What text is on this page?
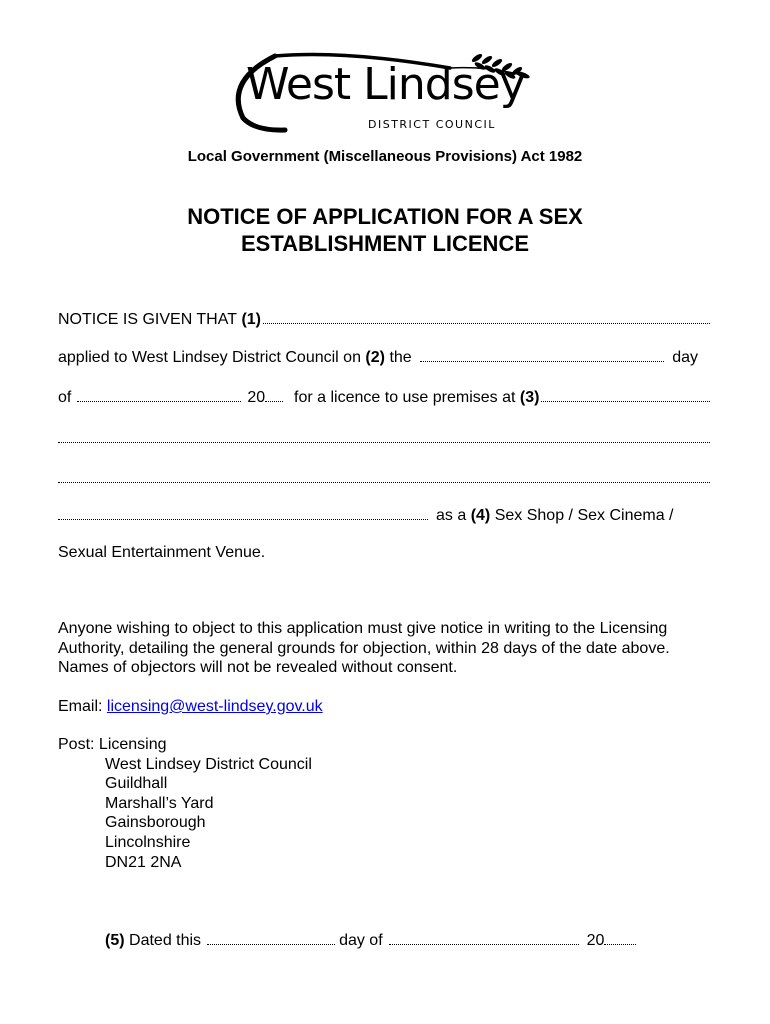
West Lindsey
DISTRICT COUNCIL
Local Government (Miscellaneous Provisions) Act 1982
NOTICE OF APPLICATION FOR A SEX
ESTABLISHMENT LICENCE
NOTICE IS GIVEN THAT
(1)
applied to West Lindsey District Council on
(2)
the	day
of	20
for a licence to use premises at
(3)
as a
(4)
Sex Shop / Sex Cinema /
Sexual Entertainment Venue.
Anyone wishing to object to this application must give notice in writing to the Licensing Authority, detailing the general grounds for objection, within 28 days of the date above. Names of objectors will not be revealed without consent.
Email: licensing@west-lindsey.gov.uk
Post: Licensing
West Lindsey District Council
Guildhall
Marshall’s Yard
Gainsborough
Lincolnshire
DN21 2NA
(5)
Dated this	day of	20
